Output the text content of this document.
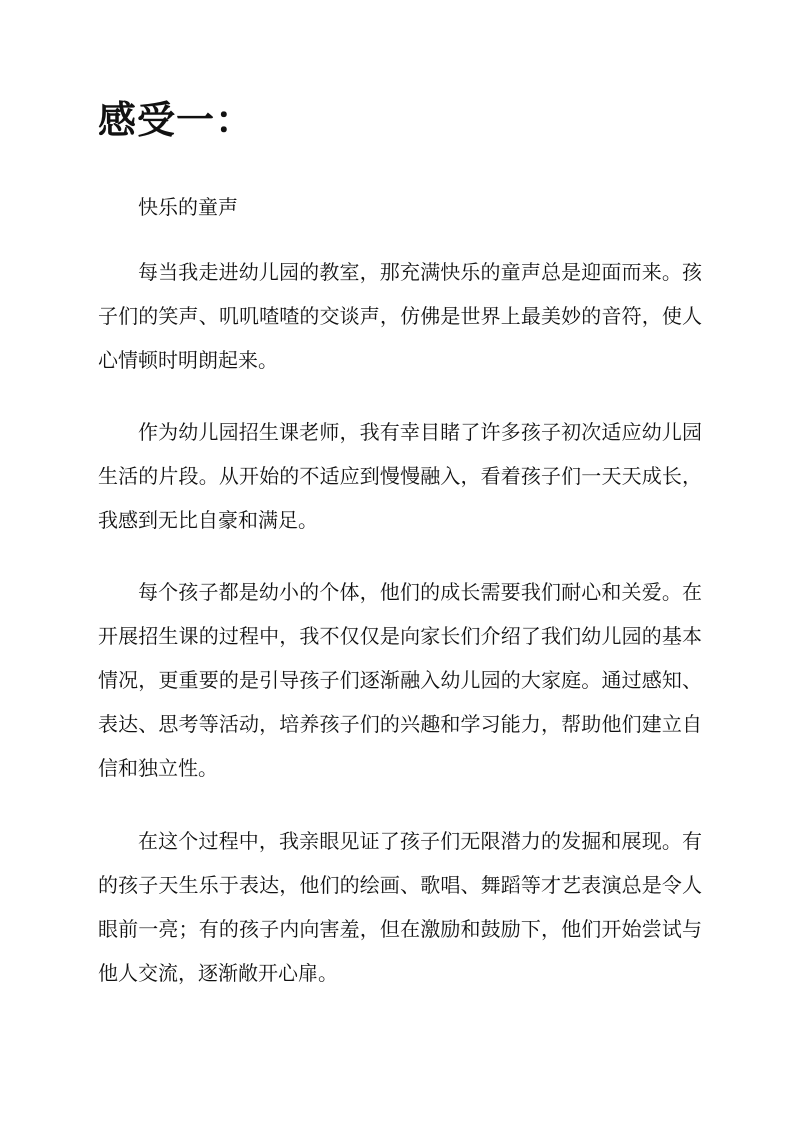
感受一：
快乐的童声

每当我走进幼儿园的教室，那充满快乐的童声总是迎面而来。孩子们的笑声、叽叽喳喳的交谈声，仿佛是世界上最美妙的音符，使人心情顿时明朗起来。

作为幼儿园招生课老师，我有幸目睹了许多孩子初次适应幼儿园生活的片段。从开始的不适应到慢慢融入，看着孩子们一天天成长，我感到无比自豪和满足。

每个孩子都是幼小的个体，他们的成长需要我们耐心和关爱。在开展招生课的过程中，我不仅仅是向家长们介绍了我们幼儿园的基本情况，更重要的是引导孩子们逐渐融入幼儿园的大家庭。通过感知、表达、思考等活动，培养孩子们的兴趣和学习能力，帮助他们建立自信和独立性。

在这个过程中，我亲眼见证了孩子们无限潜力的发掘和展现。有的孩子天生乐于表达，他们的绘画、歌唱、舞蹈等才艺表演总是令人眼前一亮；有的孩子内向害羞，但在激励和鼓励下，他们开始尝试与他人交流，逐渐敞开心扉。
